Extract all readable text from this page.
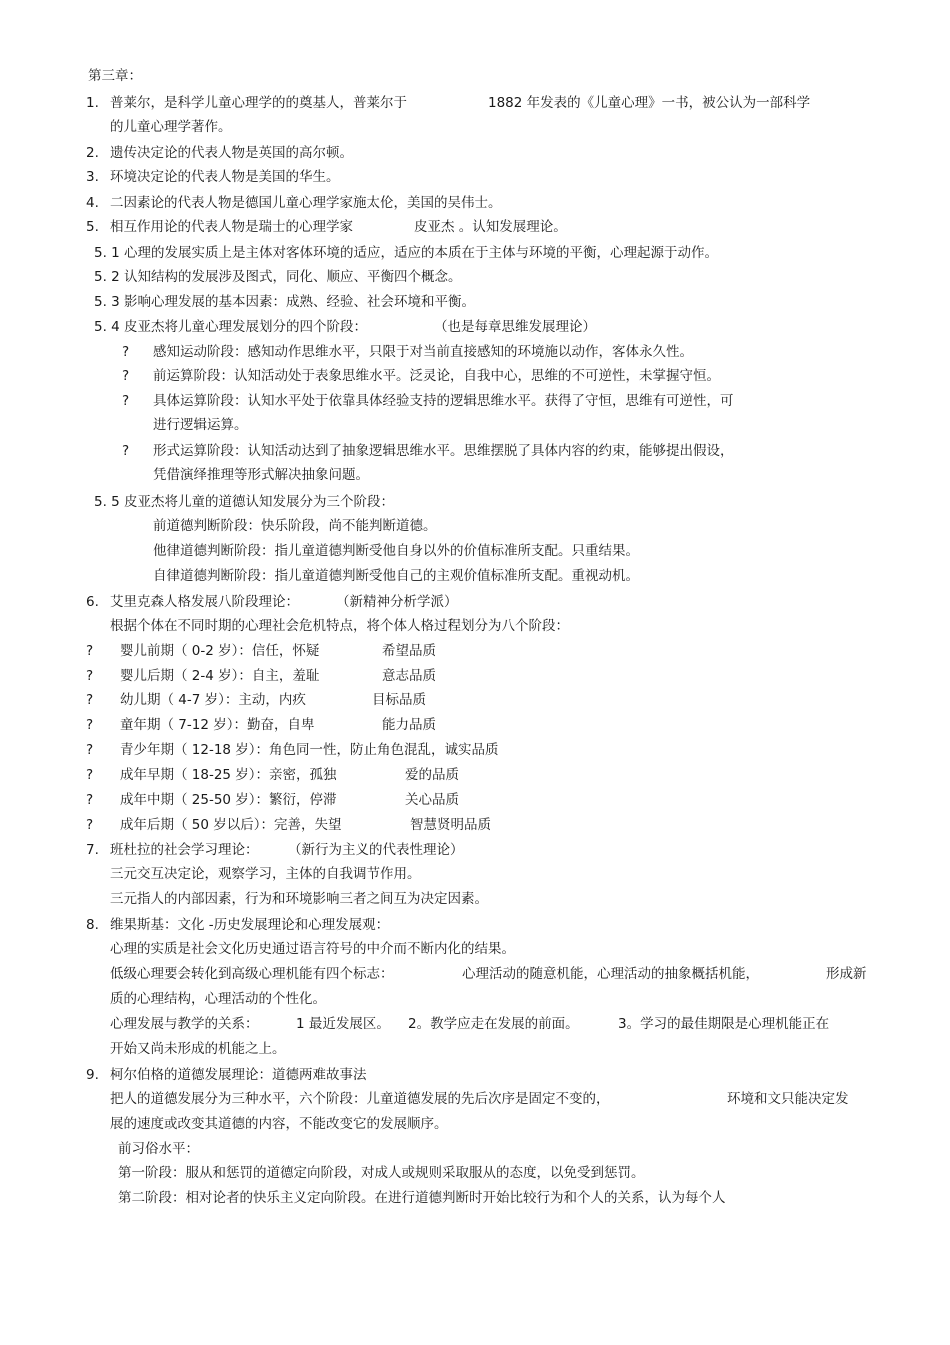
第三章：
1. 普莱尔，是科学儿童心理学的的奠基人，普莱尔于	1882 年发表的《儿童心理》一书，被公认为一部科学
的儿童心理学著作。
2. 遗传决定论的代表人物是英国的高尔顿。
3. 环境决定论的代表人物是美国的华生。
4. 二因素论的代表人物是德国儿童心理学家施太伦，美国的吴伟士。
5. 相互作用论的代表人物是瑞士的心理学家	皮亚杰 。认知发展理论。
5. 1 心理的发展实质上是主体对客体环境的适应，适应的本质在于主体与环境的平衡，心理起源于动作。
5. 2 认知结构的发展涉及图式，同化、顺应、平衡四个概念。
5. 3 影响心理发展的基本因素：成熟、经验、社会环境和平衡。
5. 4 皮亚杰将儿童心理发展划分的四个阶段：	（也是每章思维发展理论）
? 感知运动阶段：感知动作思维水平，只限于对当前直接感知的环境施以动作，客体永久性。
? 前运算阶段：认知活动处于表象思维水平。泛灵论，自我中心，思维的不可逆性，未掌握守恒。
? 具体运算阶段：认知水平处于依靠具体经验支持的逻辑思维水平。获得了守恒，思维有可逆性，可
进行逻辑运算。
? 形式运算阶段：认知活动达到了抽象逻辑思维水平。思维摆脱了具体内容的约束，能够提出假设，
凭借演绎推理等形式解决抽象问题。
5. 5 皮亚杰将儿童的道德认知发展分为三个阶段：
前道德判断阶段：快乐阶段，尚不能判断道德。
他律道德判断阶段：指儿童道德判断受他自身以外的价值标准所支配。只重结果。
自律道德判断阶段：指儿童道德判断受他自己的主观价值标准所支配。重视动机。
6. 艾里克森人格发展八阶段理论：	（新精神分析学派）
根据个体在不同时期的心理社会危机特点，将个体人格过程划分为八个阶段：
? 婴儿前期（ 0-2 岁）：信任，怀疑	希望品质
? 婴儿后期（ 2-4 岁）：自主，羞耻	意志品质
? 幼儿期（ 4-7 岁）：主动，内疚	目标品质
? 童年期（ 7-12 岁）：勤奋，自卑	能力品质
? 青少年期（ 12-18 岁）：角色同一性，防止角色混乱，诚实品质
? 成年早期（ 18-25 岁）：亲密，孤独	爱的品质
? 成年中期（ 25-50 岁）：繁衍，停滞	关心品质
? 成年后期（ 50 岁以后）：完善，失望	智慧贤明品质
7. 班杜拉的社会学习理论： （新行为主义的代表性理论）
三元交互决定论，观察学习，主体的自我调节作用。
三元指人的内部因素，行为和环境影响三者之间互为决定因素。
8. 维果斯基：文化 -历史发展理论和心理发展观：
心理的实质是社会文化历史通过语言符号的中介而不断内化的结果。
低级心理要会转化到高级心理机能有四个标志：	心理活动的随意机能，心理活动的抽象概括机能，	形成新
质的心理结构，心理活动的个性化。
心理发展与教学的关系：	1 最近发展区。 2。教学应走在发展的前面。	3。学习的最佳期限是心理机能正在
开始又尚未形成的机能之上。
9. 柯尔伯格的道德发展理论：道德两难故事法
把人的道德发展分为三种水平，六个阶段：儿童道德发展的先后次序是固定不变的，	环境和文只能决定发
展的速度或改变其道德的内容，不能改变它的发展顺序。
前习俗水平：
第一阶段：服从和惩罚的道德定向阶段，对成人或规则采取服从的态度，以免受到惩罚。
第二阶段：相对论者的快乐主义定向阶段。在进行道德判断时开始比较行为和个人的关系，认为每个人
